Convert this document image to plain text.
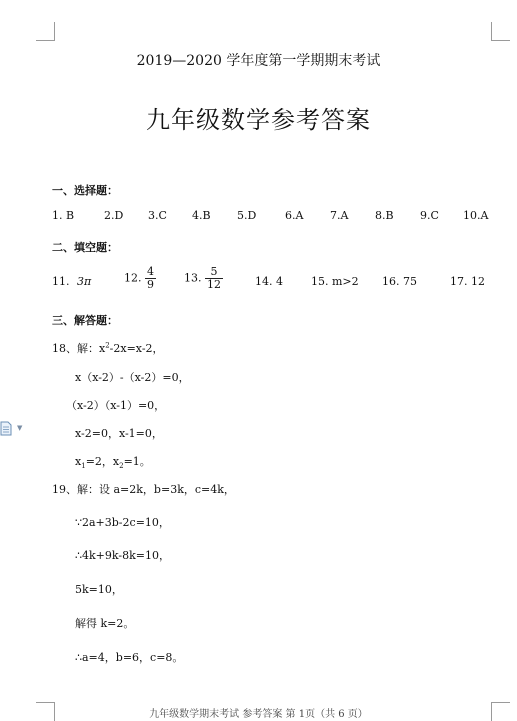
▼
2019—2020 学年度第一学期期末考试
九年级数学参考答案
一、选择题：
1. B	2.D 3.C 4.B 5.D	6.A 7.A 8.B 9.C 10.A
二、填空题：
11. 3π	12. $\frac{4}{9}$	13. $\frac{5}{12}$	14. 4	15. m>2 16. 75	17. 12
三、解答题：
18、解：$x^2-2x=x-2$，
x（x-2）-（x-2）=0，
（x-2）（x-1）=0，
x-2=0，x-1=0，
$x_1=2$，$x_2=1$。
19、解：设 a=2k，b=3k，c=4k，
∵2a+3b-2c=10，
∴4k+9k-8k=10，
5k=10，
解得 k=2。
∴a=4，b=6，c=8。
九年级数学期末考试 参考答案 第 1页（共 6 页）
